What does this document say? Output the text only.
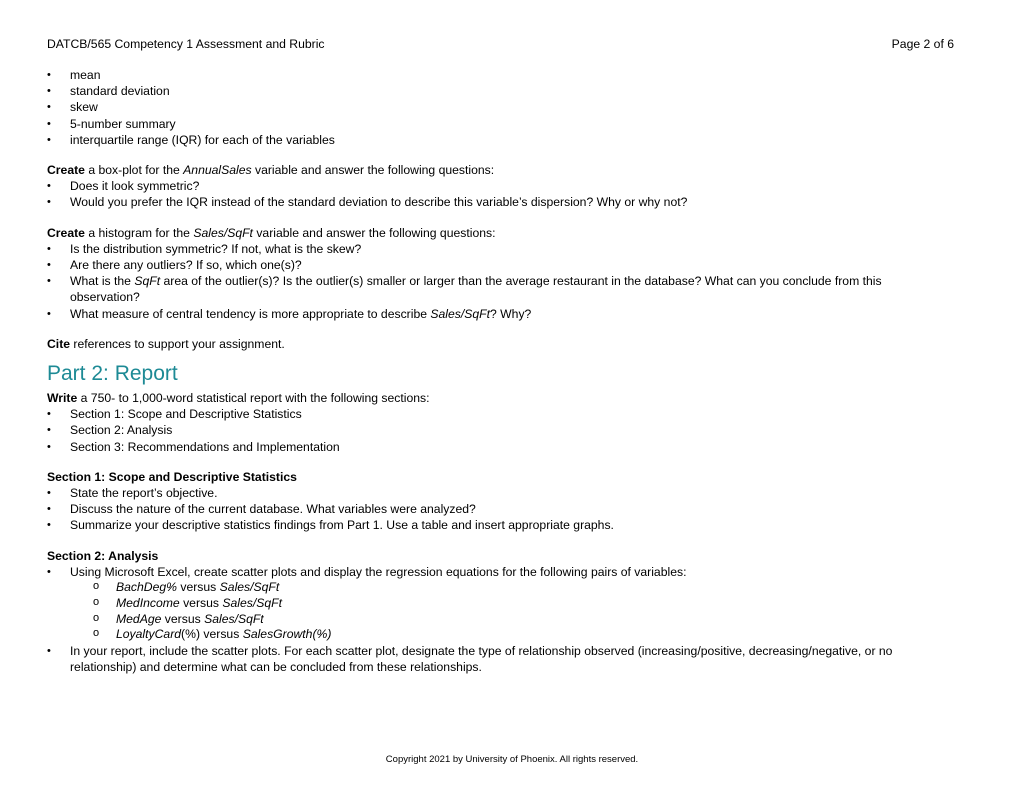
DATCB/565 Competency 1 Assessment and Rubric	Page 2 of 6
• mean
• standard deviation
• skew
• 5-number summary
• interquartile range (IQR) for each of the variables

Create a box-plot for the AnnualSales variable and answer the following questions:

• Does it look symmetric?
• Would you prefer the IQR instead of the standard deviation to describe this variable’s dispersion? Why or why not?

Create a histogram for the Sales/SqFt variable and answer the following questions:

• Is the distribution symmetric? If not, what is the skew?
• Are there any outliers? If so, which one(s)?
• What is the SqFt area of the outlier(s)? Is the outlier(s) smaller or larger than the average restaurant in the database? What can you conclude from this observation?
• What measure of central tendency is more appropriate to describe Sales/SqFt? Why?

Cite references to support your assignment.

Part 2: Report

Write a 750- to 1,000-word statistical report with the following sections:

• Section 1: Scope and Descriptive Statistics
• Section 2: Analysis
• Section 3: Recommendations and Implementation

Section 1: Scope and Descriptive Statistics

• State the report’s objective.
• Discuss the nature of the current database. What variables were analyzed?
• Summarize your descriptive statistics findings from Part 1. Use a table and insert appropriate graphs.

Section 2: Analysis

• Using Microsoft Excel, create scatter plots and display the regression equations for the following pairs of variables:
o BachDeg% versus Sales/SqFt
o MedIncome versus Sales/SqFt
o MedAge versus Sales/SqFt
o LoyaltyCard(%) versus SalesGrowth(%)
• In your report, include the scatter plots. For each scatter plot, designate the type of relationship observed (increasing/positive, decreasing/negative, or no relationship) and determine what can be concluded from these relationships.
Copyright 2021 by University of Phoenix. All rights reserved.
